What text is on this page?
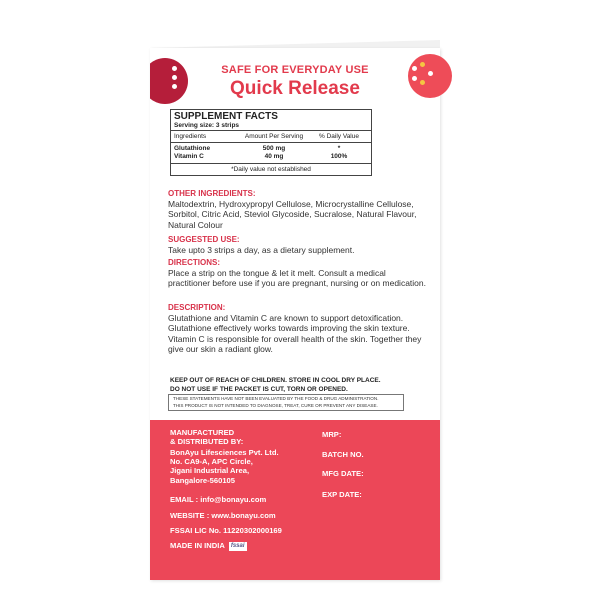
SAFE FOR EVERYDAY USE
Quick Release
SUPPLEMENT FACTS
Serving size: 3 strips
Ingredients	Amount Per Serving	% Daily Value
Glutathione	500 mg	*
Vitamin C	40 mg	100%
*Daily value not established
OTHER INGREDIENTS:
Maltodextrin, Hydroxypropyl Cellulose, Microcrystalline Cellulose, Sorbitol, Citric Acid, Steviol Glycoside, Sucralose, Natural Flavour, Natural Colour
SUGGESTED USE:
Take upto 3 strips a day, as a dietary supplement.
DIRECTIONS:
Place a strip on the tongue & let it melt. Consult a medical practitioner before use if you are pregnant, nursing or on medication.
DESCRIPTION:
Glutathione and Vitamin C are known to support detoxification. Glutathione effectively works towards improving the skin texture. Vitamin C is responsible for overall health of the skin. Together they give our skin a radiant glow.
KEEP OUT OF REACH OF CHILDREN. STORE IN COOL DRY PLACE.
DO NOT USE IF THE PACKET IS CUT, TORN OR OPENED.
THESE STATEMENTS HAVE NOT BEEN EVALUATED BY THE FOOD & DRUG ADMINISTRATION.
THIS PRODUCT IS NOT INTENDED TO DIAGNOSE, TREAT, CURE OR PREVENT ANY DISEASE.
MANUFACTURED
& DISTRIBUTED BY:
BonAyu Lifesciences Pvt. Ltd.
No. CA9-A, APC Circle,
Jigani Industrial Area,
Bangalore-560105
EMAIL : info@bonayu.com
WEBSITE : www.bonayu.com
FSSAI LIC No. 11220302000169
MADE IN INDIA fssai
MRP:
BATCH NO.
MFG DATE:
EXP DATE:
